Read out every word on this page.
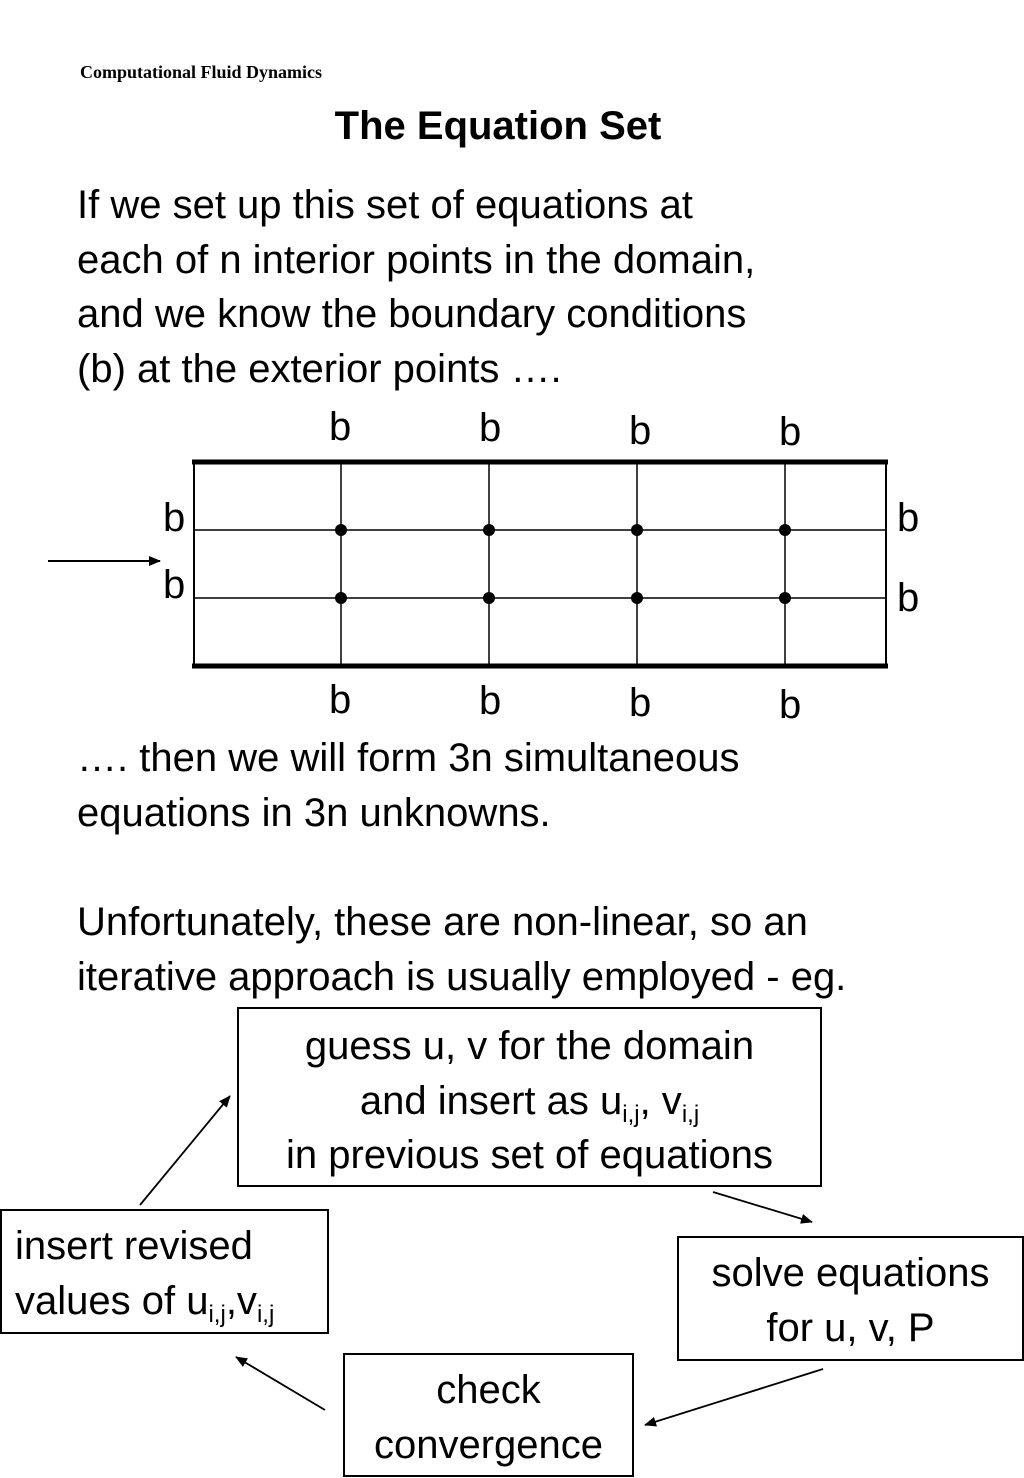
Computational Fluid Dynamics
The Equation Set
If we set up this set of equations at
each of n interior points in the domain,
and we know the boundary conditions
(b) at the exterior points ….
b	b	b	b
b	b	b	b
b
b
b
b
…. then we will form 3n simultaneous
equations in 3n unknowns.
Unfortunately, these are non-linear, so an
iterative approach is usually employed - eg.
guess u, v for the domain
and insert as $u_{i,j}$, $v_{i,j}$
in previous set of equations
solve equations
for u, v, P
check
convergence
insert revised
values of $u_{i,j},v_{i,j}$
